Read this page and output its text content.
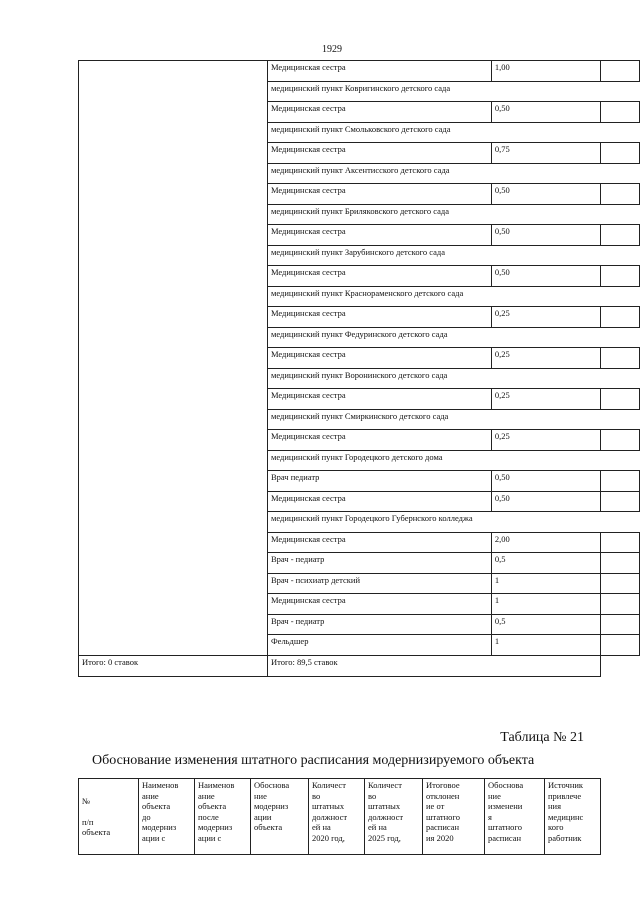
1929
	Медицинская сестра	1,00	
	медицинский пункт Ковригинского детского сада		
	Медицинская сестра	0,50	
	медицинский пункт Смольковского детского сада		
	Медицинская сестра	0,75	
	медицинский пункт Аксентисского детского сада		
	Медицинская сестра	0,50	
	медицинский пункт Бриляковского детского сада		
	Медицинская сестра	0,50	
	медицинский пункт Зарубинского детского сада		
	Медицинская сестра	0,50	
	медицинский пункт Краснораменского детского сада		
	Медицинская сестра	0,25	
	медицинский пункт Федуринского детского сада		
	Медицинская сестра	0,25	
	медицинский пункт Воронинского детского сада		
	Медицинская сестра	0,25	
	медицинский пункт Смиркинского детского сада		
	Медицинская сестра	0,25	
	медицинский пункт Городецкого детского дома		
	Врач педиатр	0,50	
	Медицинская сестра	0,50	
	медицинский пункт Городецкого Губернского колледжа		
	Медицинская сестра	2,00	
	Врач - педиатр	0,5	
	Врач - психиатр детский	1	
	Медицинская сестра	1	
	Врач - педиатр	0,5	
	Фельдшер	1	
Итого: 0 ставок	Итого: 89,5 ставок		
Таблица № 21
Обоснование изменения штатного расписания модернизируемого объекта
№

п/п
объекта	Наименов
ание
объекта
до
модерниз
ации с	Наименов
ание
объекта
после
модерниз
ации с	Обоснова
ние
модерниз
ации
объекта	Количест
во
штатных
должност
ей на
2020 год,	Количест
во
штатных
должност
ей на
2025 год,	Итоговое
отклонен
ие от
штатного
расписан
ия 2020	Обоснова
ние
изменени
я
штатного
расписан	Источник
привлече
ния
медицинс
кого
работник
